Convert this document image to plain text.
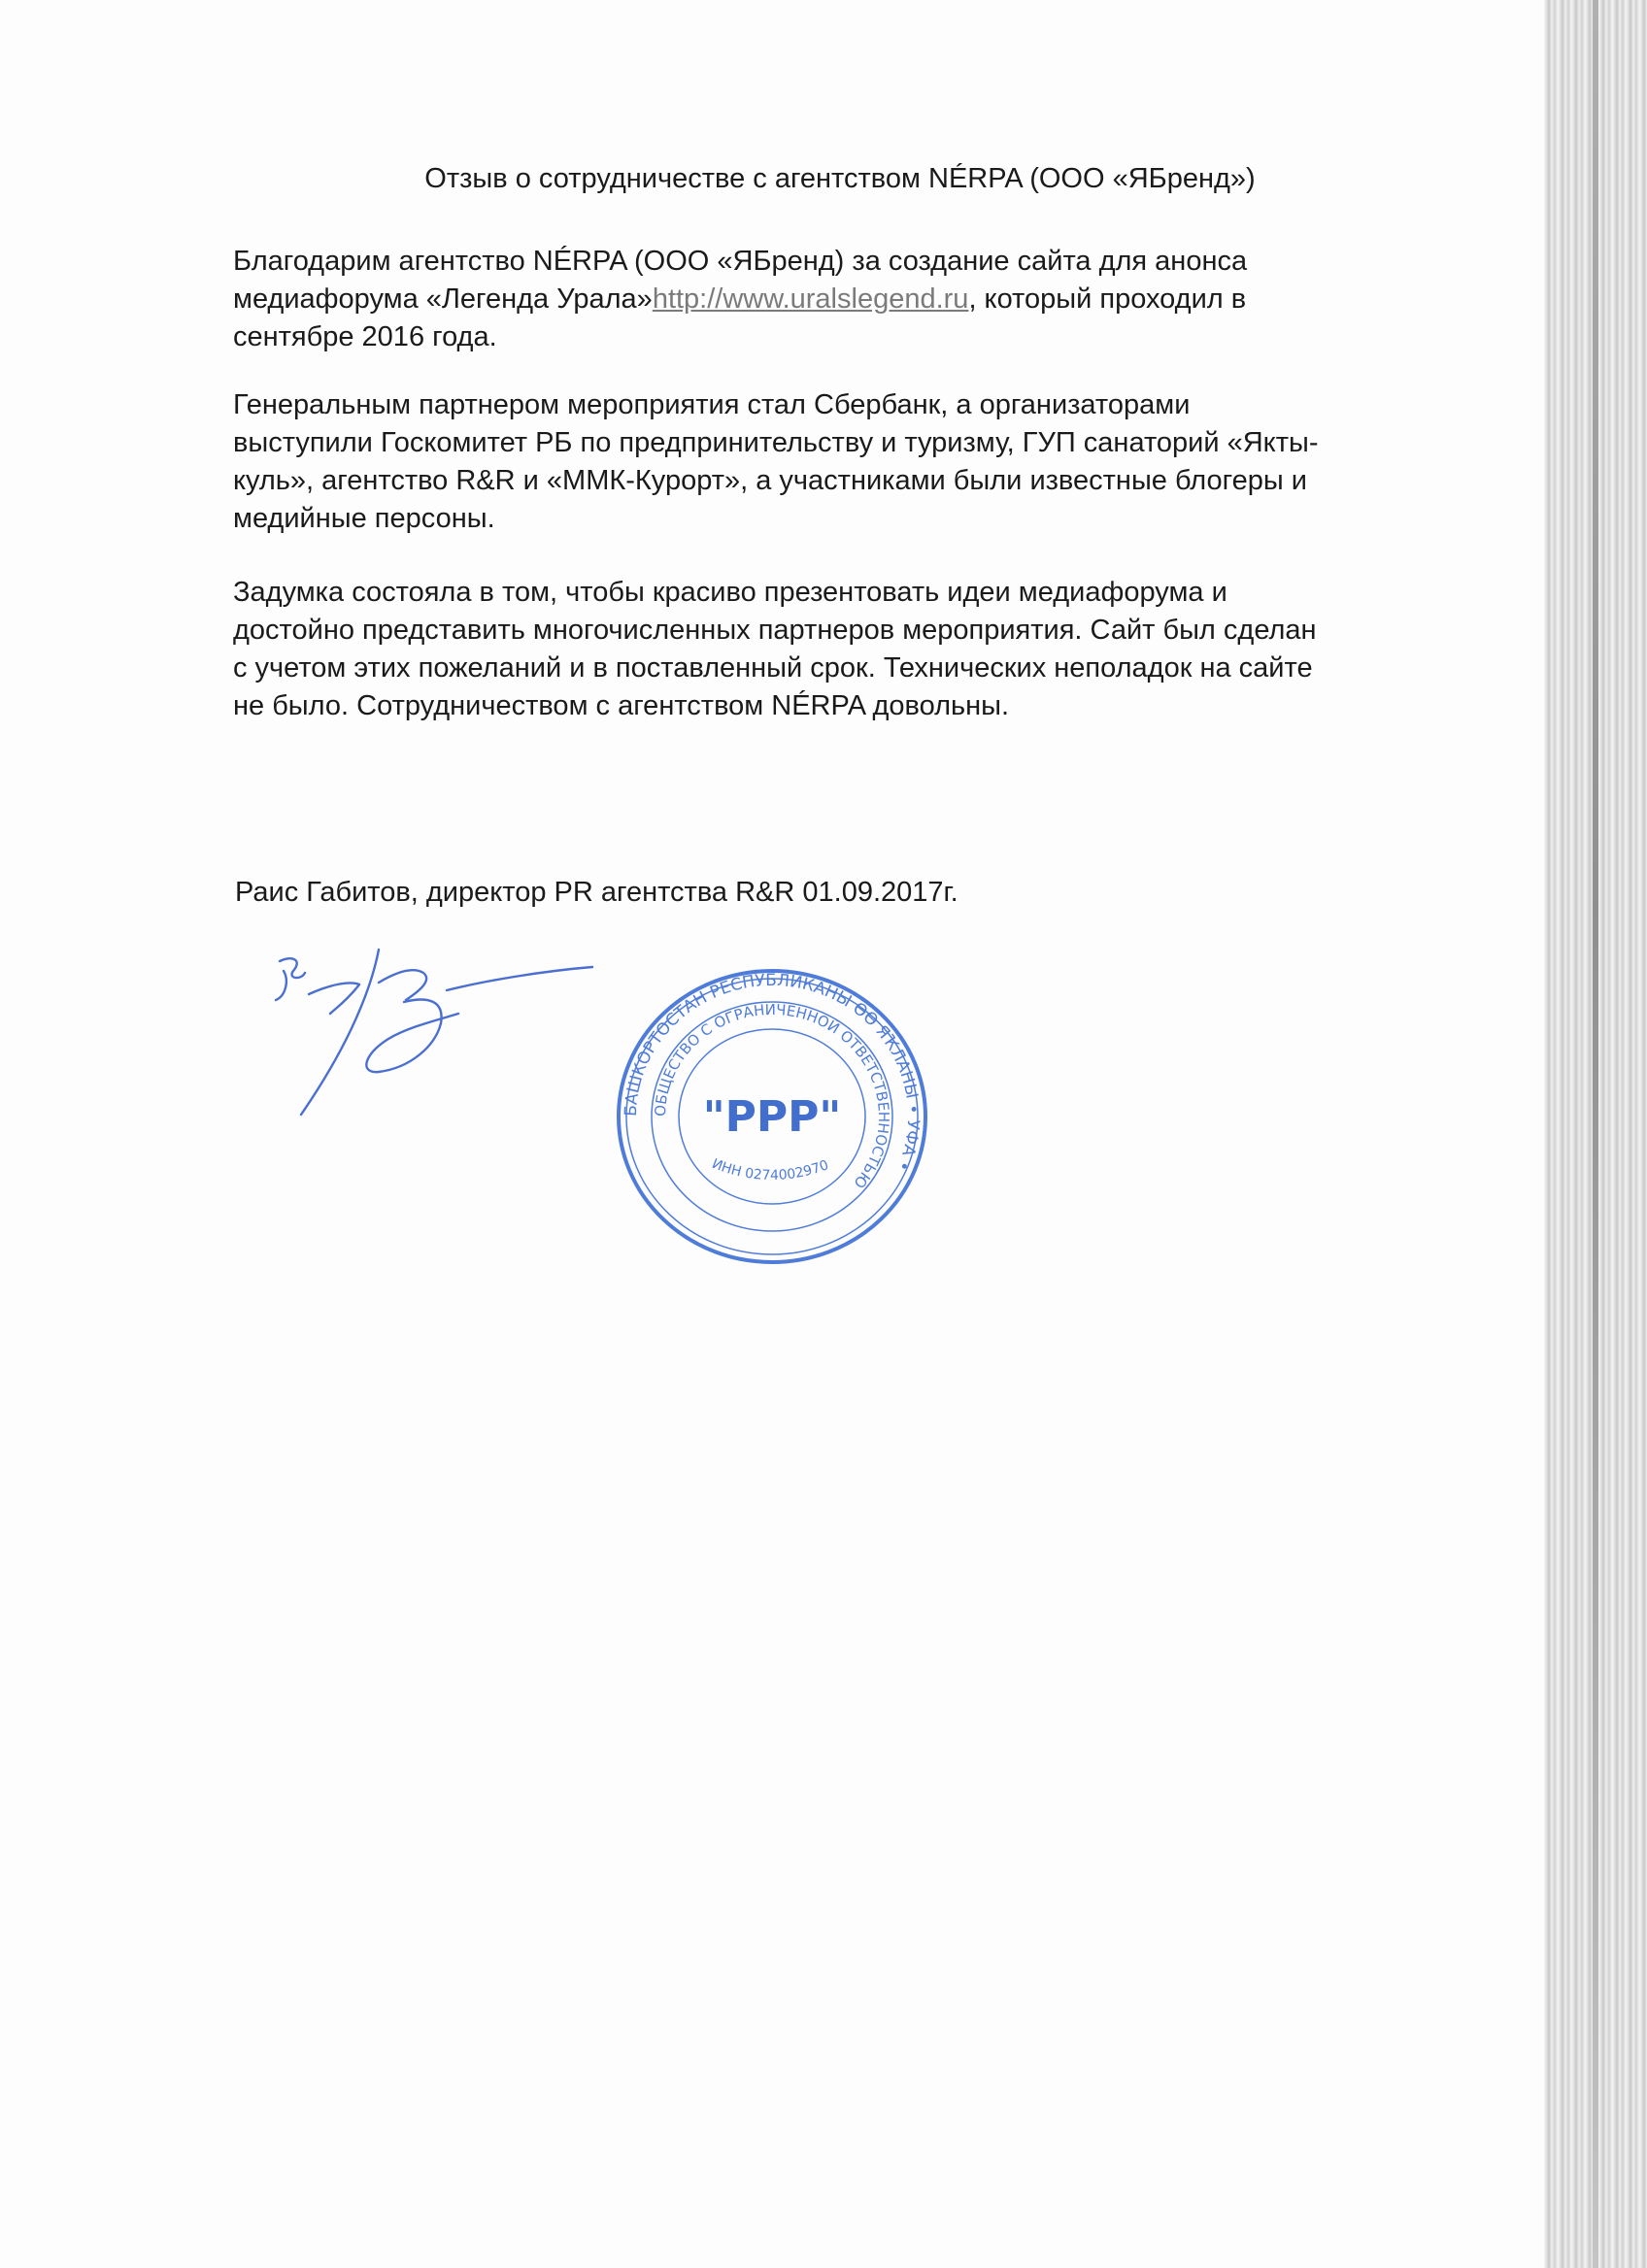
Отзыв о сотрудничестве с агентством NÉRPA (ООО «ЯБренд»)

Благодарим агентство NÉRPA (ООО «ЯБренд) за создание сайта для анонса
медиафорума «Легенда Урала»http://www.uralslegend.ru, который проходил в
сентябре 2016 года.

Генеральным партнером мероприятия стал Сбербанк, а организаторами
выступили Госкомитет РБ по предпринительству и туризму, ГУП санаторий «Якты-
куль», агентство R&R и «ММК-Курорт», а участниками были известные блогеры и
медийные персоны.

Задумка состояла в том, чтобы красиво презентовать идеи медиафорума и
достойно представить многочисленных партнеров мероприятия. Сайт был сделан
с учетом этих пожеланий и в поставленный срок. Технических неполадок на сайте
не было. Сотрудничеством с агентством NÉRPA довольны.

Раис Габитов, директор PR агентства R&R 01.09.2017г.
БАШКОРТОСТАН РЕСПУБЛИКАНЫ ӨӨ ЯҠЛАНЫ • УФА •
ОБЩЕСТВО С ОГРАНИЧЕННОЙ ОТВЕТСТВЕННОСТЬЮ
"РРР"
ИНН 0274002970
